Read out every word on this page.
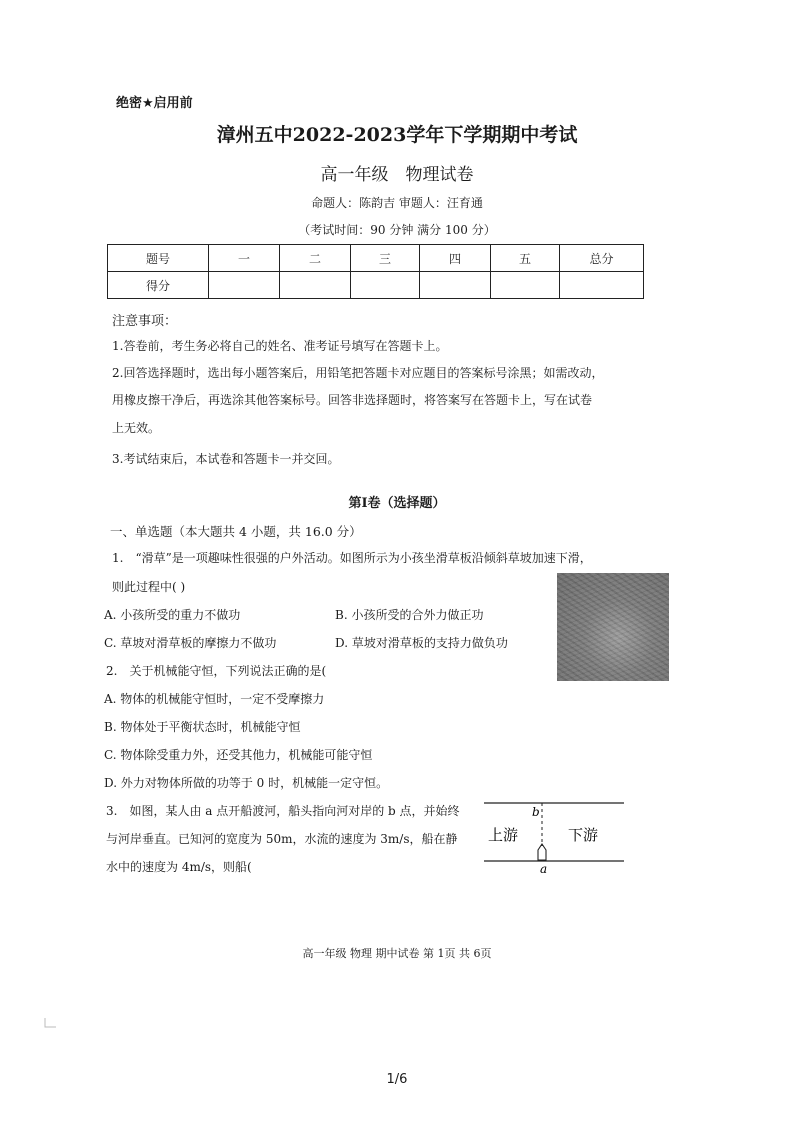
绝密★启用前
漳州五中2022-2023学年下学期期中考试
高一年级　物理试卷
命题人：陈韵吉 审题人：汪育通
（考试时间：90 分钟 满分 100 分）
题号	一	二	三	四	五	总分
得分						
注意事项：
1.答卷前，考生务必将自己的姓名、准考证号填写在答题卡上。
2.回答选择题时，选出每小题答案后，用铅笔把答题卡对应题目的答案标号涂黑；如需改动，
用橡皮擦干净后，再选涂其他答案标号。回答非选择题时，将答案写在答题卡上，写在试卷
上无效。
3.考试结束后，本试卷和答题卡一并交回。
第Ⅰ卷（选择题）
一、单选题（本大题共 4 小题，共 16.0 分）
1.　“滑草”是一项趣味性很强的户外活动。如图所示为小孩坐滑草板沿倾斜草坡加速下滑，
则此过程中( )
A. 小孩所受的重力不做功	B. 小孩所受的合外力做正功
C. 草坡对滑草板的摩擦力不做功	D. 草坡对滑草板的支持力做负功
2.　关于机械能守恒，下列说法正确的是(
A. 物体的机械能守恒时，一定不受摩擦力
B. 物体处于平衡状态时，机械能守恒
C. 物体除受重力外，还受其他力，机械能可能守恒
D. 外力对物体所做的功等于 0 时，机械能一定守恒。
3.　如图，某人由 a 点开船渡河，船头指向河对岸的 b 点，并始终
与河岸垂直。已知河的宽度为 50m，水流的速度为 3m/s，船在静
水中的速度为 4m/s，则船(
b
a
上游	下游
高一年级 物理 期中试卷 第 1页 共 6页
1/6
